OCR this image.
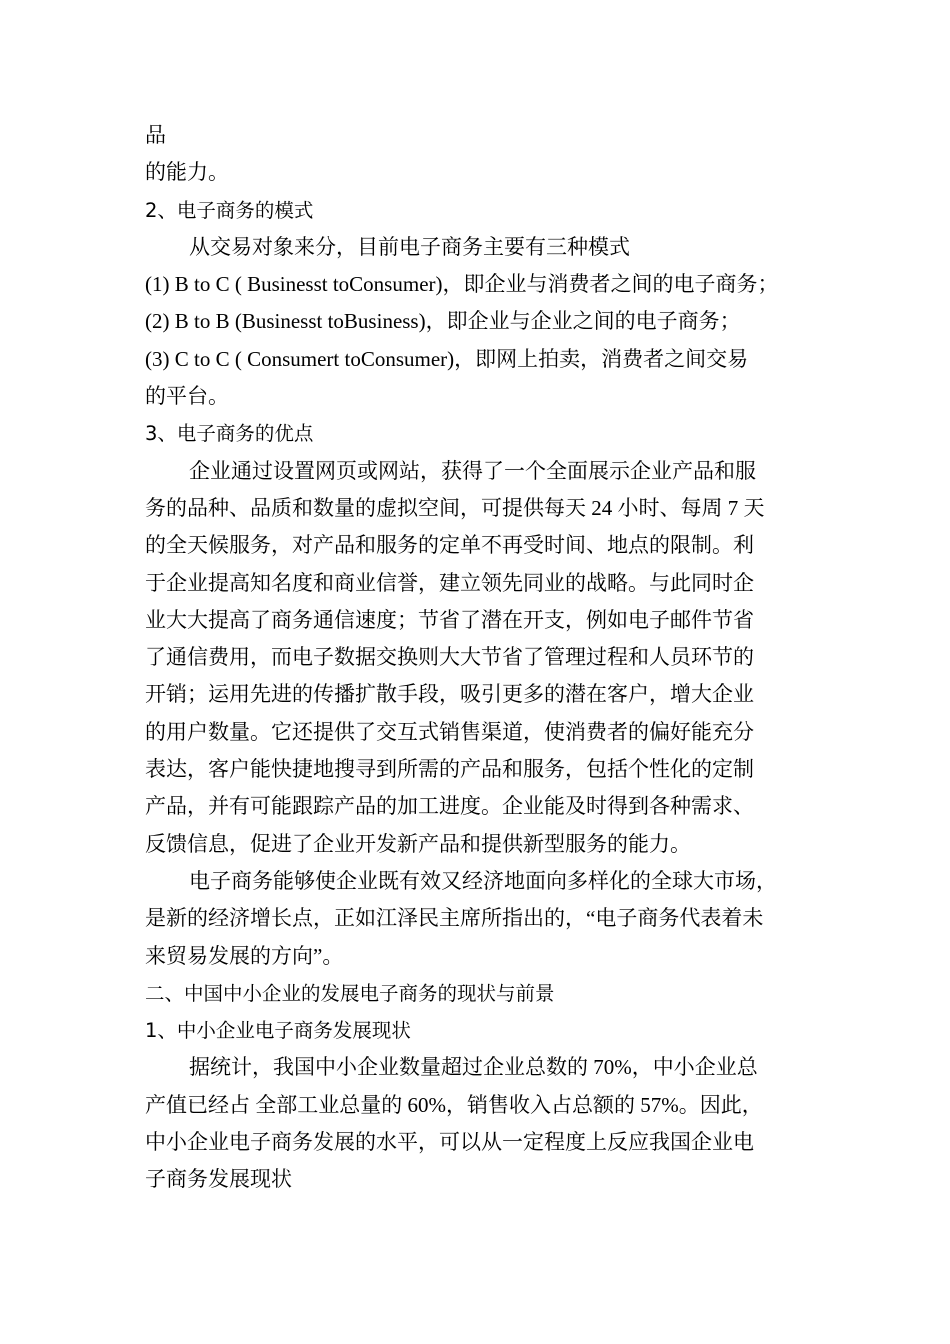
品
的能力。
2、电子商务的模式
从交易对象来分，目前电子商务主要有三种模式
(1) B to C ( Businesst toConsumer)，即企业与消费者之间的电子商务；
(2) B to B (Businesst toBusiness)，即企业与企业之间的电子商务；
(3) C to C ( Consumert toConsumer)，即网上拍卖，消费者之间交易
的平台。
3、电子商务的优点
企业通过设置网页或网站，获得了一个全面展示企业产品和服
务的品种、品质和数量的虚拟空间，可提供每天 24 小时、每周 7 天
的全天候服务，对产品和服务的定单不再受时间、地点的限制。利
于企业提高知名度和商业信誉，建立领先同业的战略。与此同时企
业大大提高了商务通信速度；节省了潜在开支，例如电子邮件节省
了通信费用，而电子数据交换则大大节省了管理过程和人员环节的
开销；运用先进的传播扩散手段，吸引更多的潜在客户，增大企业
的用户数量。它还提供了交互式销售渠道，使消费者的偏好能充分
表达，客户能快捷地搜寻到所需的产品和服务，包括个性化的定制
产品，并有可能跟踪产品的加工进度。企业能及时得到各种需求、
反馈信息，促进了企业开发新产品和提供新型服务的能力。
电子商务能够使企业既有效又经济地面向多样化的全球大市场，
是新的经济增长点，正如江泽民主席所指出的，“电子商务代表着未
来贸易发展的方向”。
二、中国中小企业的发展电子商务的现状与前景
1、中小企业电子商务发展现状
据统计，我国中小企业数量超过企业总数的 70%，中小企业总
产值已经占 全部工业总量的 60%，销售收入占总额的 57%。因此，
中小企业电子商务发展的水平，可以从一定程度上反应我国企业电
子商务发展现状
